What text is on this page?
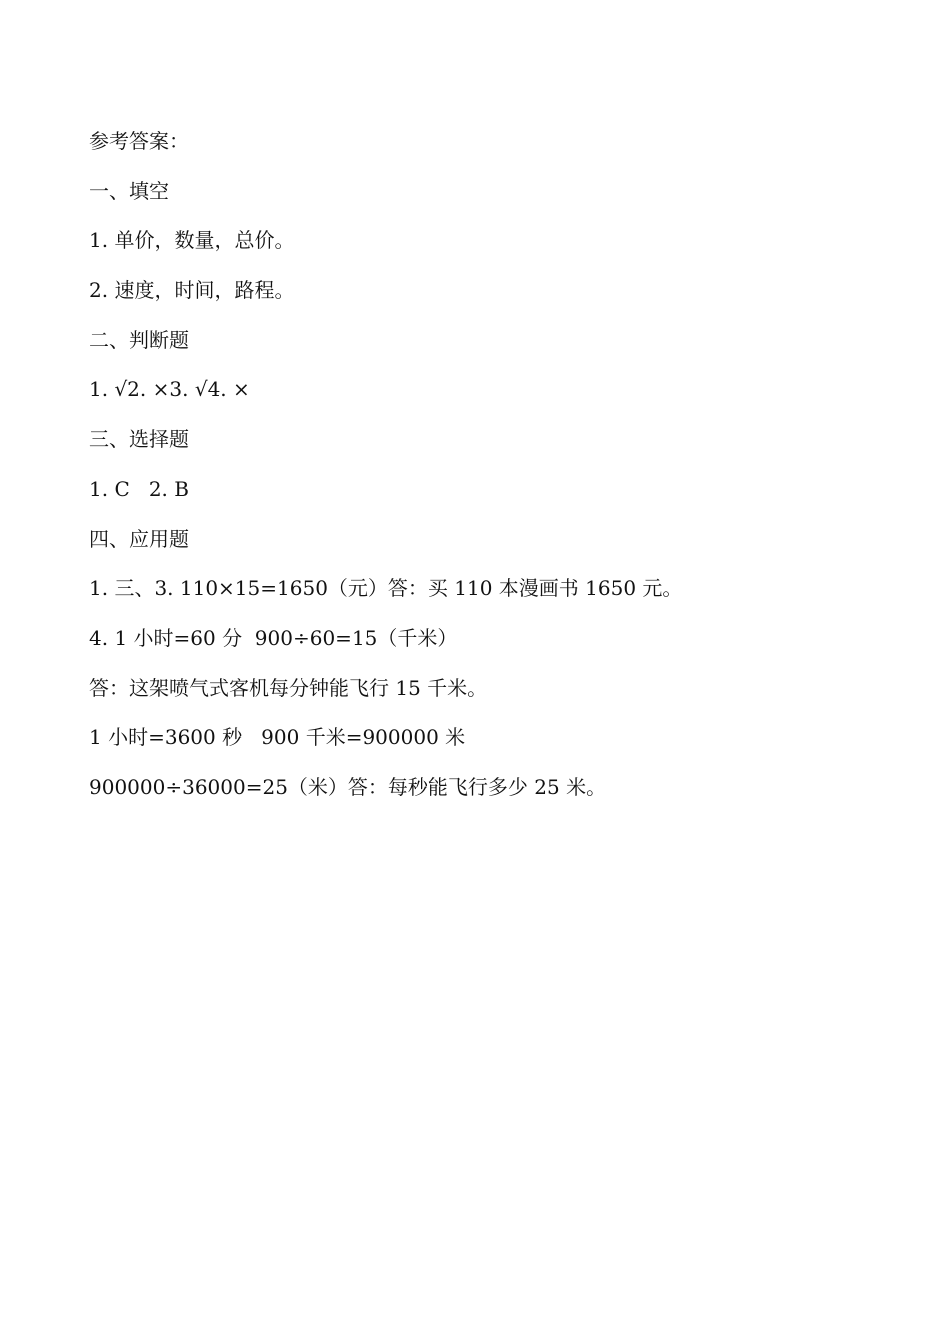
参考答案：
一、填空
1. 单价，数量，总价。
2. 速度，时间，路程。
二、判断题
1. √2. ×3. √4. ×
三、选择题
1. C   2. B
四、应用题
1. 三、3. 110×15=1650（元）答：买 110 本漫画书 1650 元。
4. 1 小时=60 分  900÷60=15（千米）
答：这架喷气式客机每分钟能飞行 15 千米。
1 小时=3600 秒   900 千米=900000 米
900000÷36000=25（米）答：每秒能飞行多少 25 米。
